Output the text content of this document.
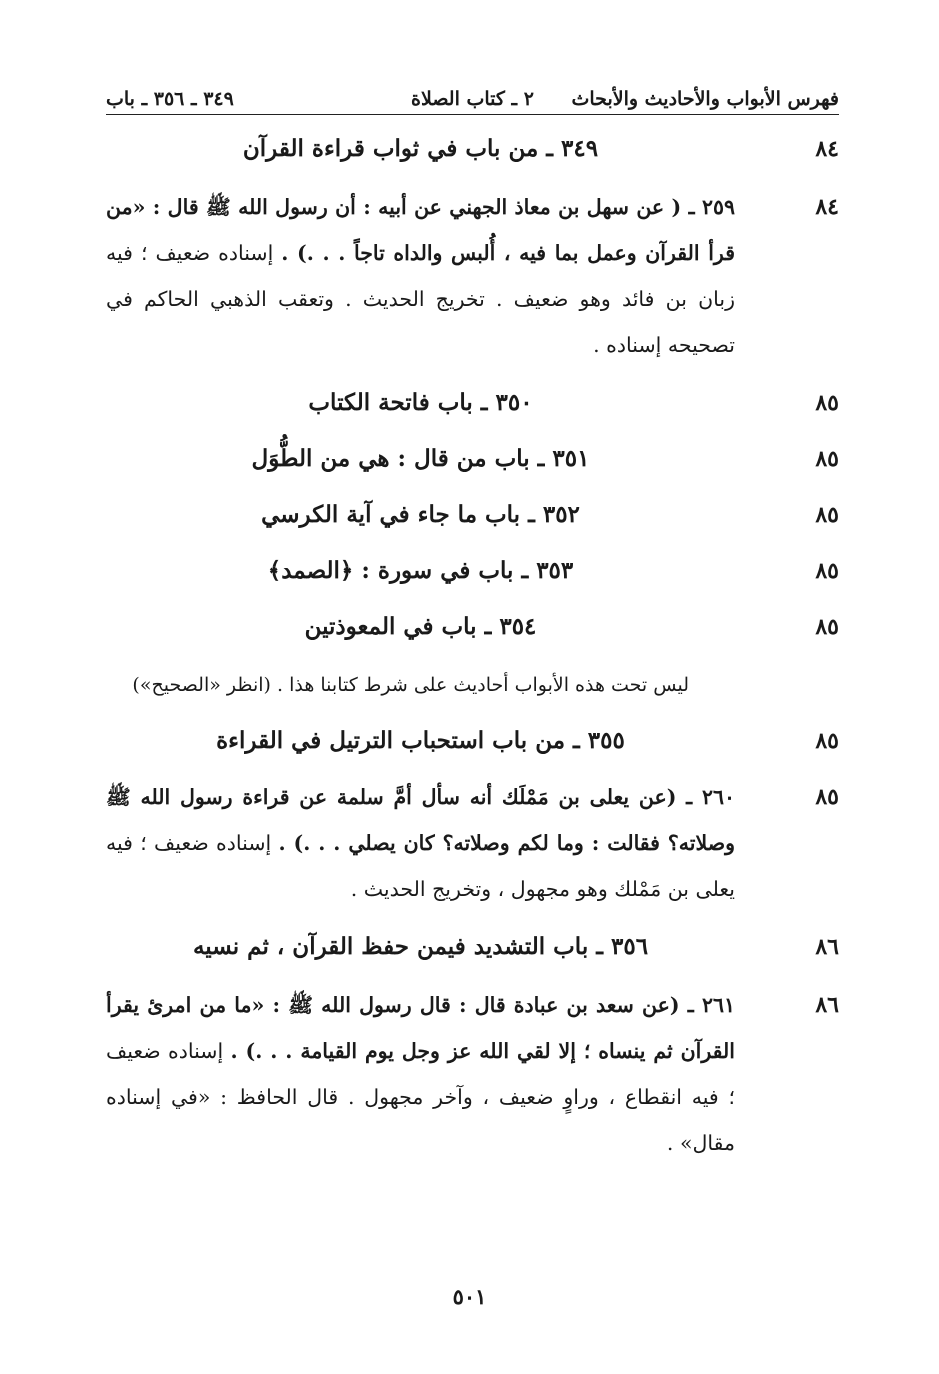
فهرس الأبواب والأحاديث والأبحاث
٢ ـ كتاب الصلاة
٣٤٩ ـ ٣٥٦ ـ باب
٨٤
٣٤٩ ـ من باب في ثواب قراءة القرآن
٨٤
٢٥٩ ـ ( عن سهل بن معاذ الجهني عن أبيه : أن رسول الله ﷺ قال : «من قرأ القرآن وعمل بما فيه ، أُلبس والداه تاجاً . . .) . إسناده ضعيف ؛ فيه زبان بن فائد وهو ضعيف . تخريج الحديث . وتعقب الذهبي الحاكم في تصحيحه إسناده .
٨٥
٣٥٠ ـ باب فاتحة الكتاب
٨٥
٣٥١ ـ باب من قال : هي من الطُّوَل
٨٥
٣٥٢ ـ باب ما جاء في آية الكرسي
٨٥
٣٥٣ ـ باب في سورة : ﴿الصمد﴾
٨٥
٣٥٤ ـ باب في المعوذتين
ليس تحت هذه الأبواب أحاديث على شرط كتابنا هذا . (انظر «الصحيح»)
٨٥
٣٥٥ ـ من باب استحباب الترتيل في القراءة
٨٥
٢٦٠ ـ (عن يعلى بن مَمْلَك أنه سأل أمَّ سلمة عن قراءة رسول الله ﷺ وصلاته؟ فقالت : وما لكم وصلاته؟ كان يصلي . . .) . إسناده ضعيف ؛ فيه يعلى بن مَمْلك وهو مجهول ، وتخريج الحديث .
٨٦
٣٥٦ ـ باب التشديد فيمن حفظ القرآن ، ثم نسيه
٨٦
٢٦١ ـ (عن سعد بن عبادة قال : قال رسول الله ﷺ : «ما من امرئ يقرأ القرآن ثم ينساه ؛ إلا لقي الله عز وجل يوم القيامة . . .) . إسناده ضعيف ؛ فيه انقطاع ، وراوٍ ضعيف ، وآخر مجهول . قال الحافظ : «في إسناده مقال» .
٥٠١
